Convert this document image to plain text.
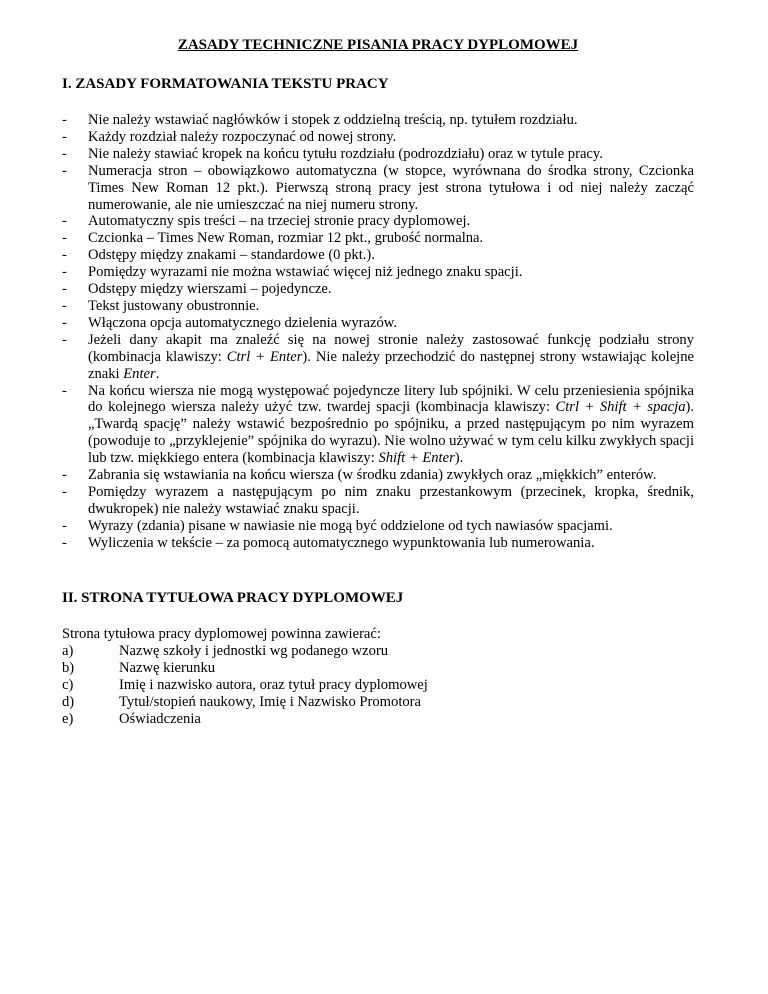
ZASADY TECHNICZNE PISANIA PRACY DYPLOMOWEJ
I. ZASADY FORMATOWANIA TEKSTU PRACY
- Nie należy wstawiać nagłówków i stopek z oddzielną treścią, np. tytułem rozdziału.
- Każdy rozdział należy rozpoczynać od nowej strony.
- Nie należy stawiać kropek na końcu tytułu rozdziału (podrozdziału) oraz w tytule pracy.
- Numeracja stron – obowiązkowo automatyczna (w stopce, wyrównana do środka strony, Czcionka Times New Roman 12 pkt.). Pierwszą stroną pracy jest strona tytułowa i od niej należy zacząć numerowanie, ale nie umieszczać na niej numeru strony.
- Automatyczny spis treści – na trzeciej stronie pracy dyplomowej.
- Czcionka – Times New Roman, rozmiar 12 pkt., grubość normalna.
- Odstępy między znakami – standardowe (0 pkt.).
- Pomiędzy wyrazami nie można wstawiać więcej niż jednego znaku spacji.
- Odstępy między wierszami – pojedyncze.
- Tekst justowany obustronnie.
- Włączona opcja automatycznego dzielenia wyrazów.
- Jeżeli dany akapit ma znaleźć się na nowej stronie należy zastosować funkcję podziału strony (kombinacja klawiszy: Ctrl + Enter). Nie należy przechodzić do następnej strony wstawiając kolejne znaki Enter.
- Na końcu wiersza nie mogą występować pojedyncze litery lub spójniki. W celu przeniesienia spójnika do kolejnego wiersza należy użyć tzw. twardej spacji (kombinacja klawiszy: Ctrl + Shift + spacja). „Twardą spację” należy wstawić bezpośrednio po spójniku, a przed następującym po nim wyrazem (powoduje to „przyklejenie” spójnika do wyrazu). Nie wolno używać w tym celu kilku zwykłych spacji lub tzw. miękkiego entera (kombinacja klawiszy: Shift + Enter).
- Zabrania się wstawiania na końcu wiersza (w środku zdania) zwykłych oraz „miękkich” enterów.
- Pomiędzy wyrazem a następującym po nim znaku przestankowym (przecinek, kropka, średnik, dwukropek) nie należy wstawiać znaku spacji.
- Wyrazy (zdania) pisane w nawiasie nie mogą być oddzielone od tych nawiasów spacjami.
- Wyliczenia w tekście – za pomocą automatycznego wypunktowania lub numerowania.
II. STRONA TYTUŁOWA PRACY DYPLOMOWEJ
Strona tytułowa pracy dyplomowej powinna zawierać:
a)	Nazwę szkoły i jednostki wg podanego wzoru
b)	Nazwę kierunku
c)	Imię i nazwisko autora, oraz tytuł pracy dyplomowej
d)	Tytuł/stopień naukowy, Imię i Nazwisko Promotora
e)	Oświadczenia
